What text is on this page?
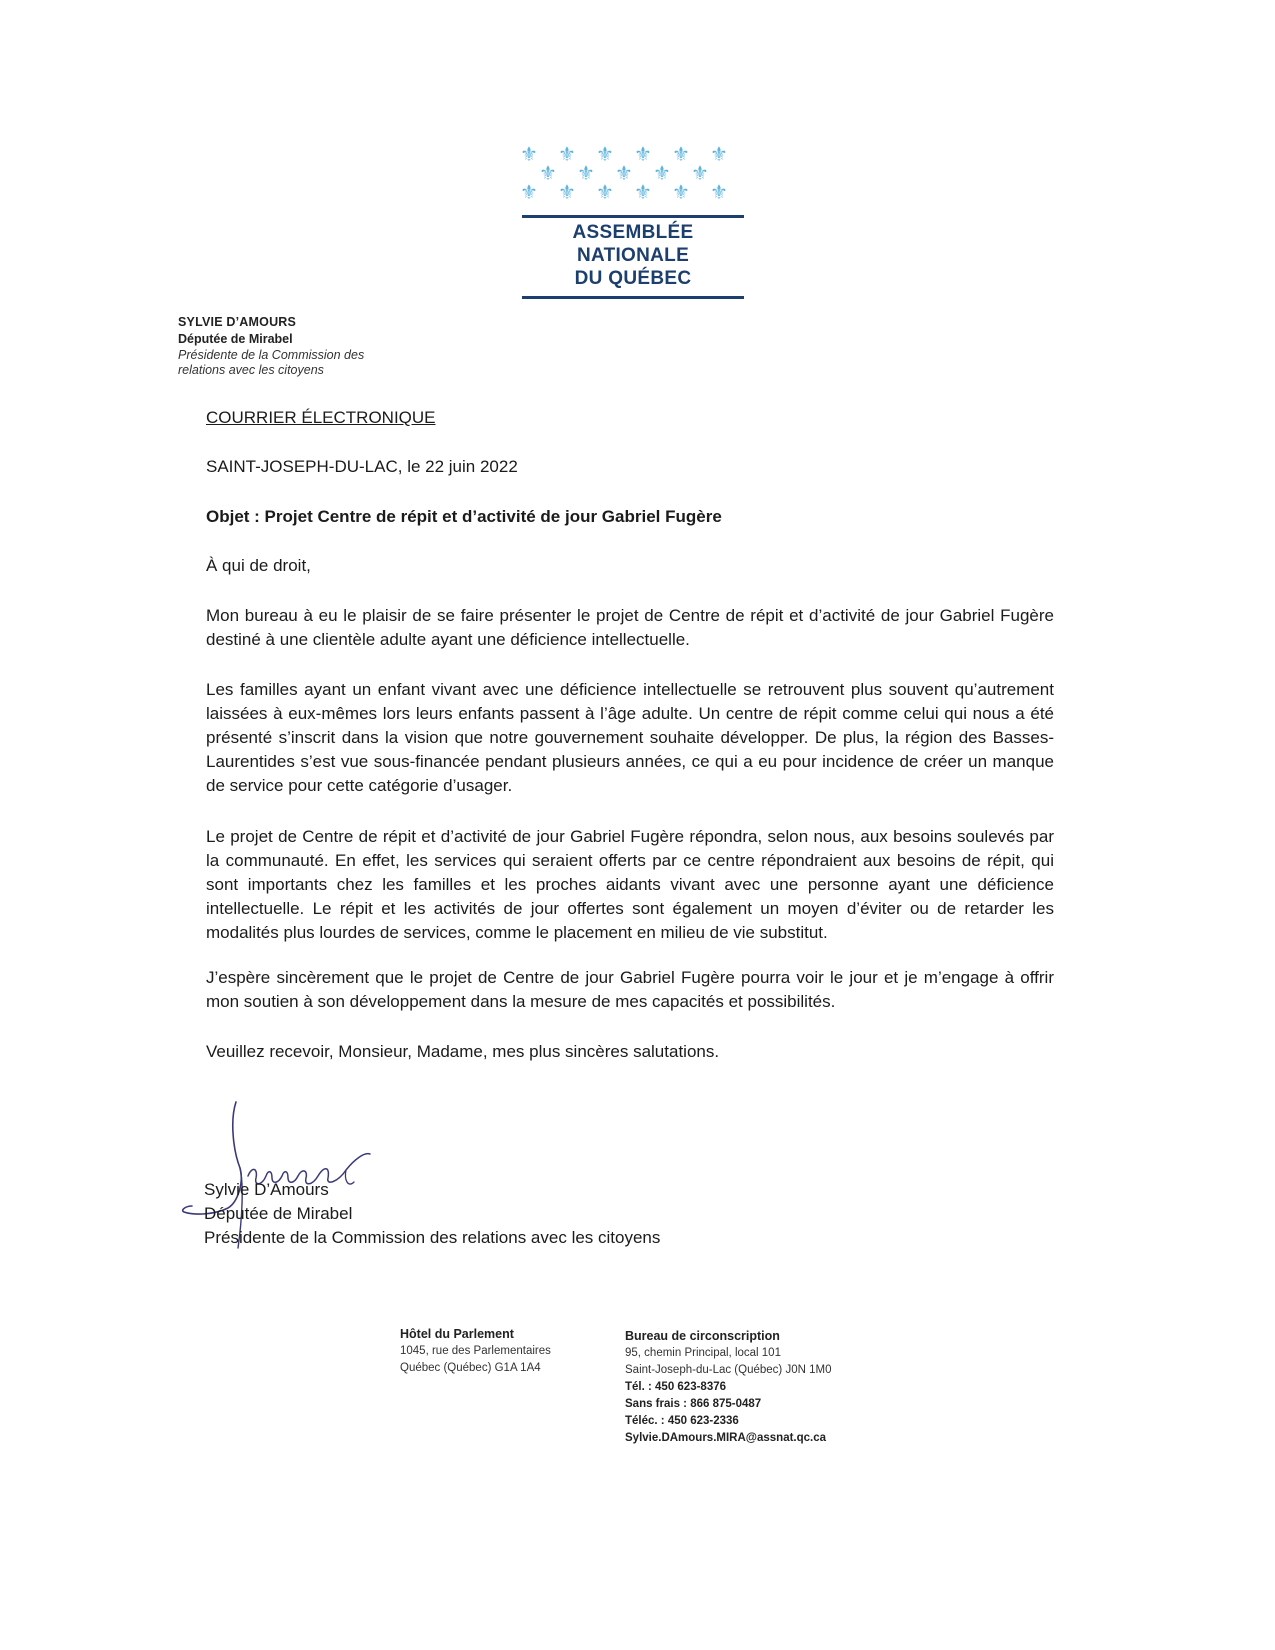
⚜ ⚜ ⚜ ⚜ ⚜ ⚜
⚜ ⚜ ⚜ ⚜ ⚜
⚜ ⚜ ⚜ ⚜ ⚜ ⚜
ASSEMBLÉE NATIONALE
DU QUÉBEC
SYLVIE D’AMOURS
Députée de Mirabel
Présidente de la Commission des relations avec les citoyens
COURRIER ÉLECTRONIQUE
SAINT-JOSEPH-DU-LAC, le 22 juin 2022
Objet : Projet Centre de répit et d’activité de jour Gabriel Fugère
À qui de droit,
Mon bureau à eu le plaisir de se faire présenter le projet de Centre de répit et d’activité de jour Gabriel Fugère destiné à une clientèle adulte ayant une déficience intellectuelle.
Les familles ayant un enfant vivant avec une déficience intellectuelle se retrouvent plus souvent qu’autrement laissées à eux-mêmes lors leurs enfants passent à l’âge adulte. Un centre de répit comme celui qui nous a été présenté s’inscrit dans la vision que notre gouvernement souhaite développer. De plus, la région des Basses-Laurentides s’est vue sous-financée pendant plusieurs années, ce qui a eu pour incidence de créer un manque de service pour cette catégorie d’usager.
Le projet de Centre de répit et d’activité de jour Gabriel Fugère répondra, selon nous, aux besoins soulevés par la communauté. En effet, les services qui seraient offerts par ce centre répondraient aux besoins de répit, qui sont importants chez les familles et les proches aidants vivant avec une personne ayant une déficience intellectuelle. Le répit et les activités de jour offertes sont également un moyen d’éviter ou de retarder les modalités plus lourdes de services, comme le placement en milieu de vie substitut.
J’espère sincèrement que le projet de Centre de jour Gabriel Fugère pourra voir le jour et je m’engage à offrir mon soutien à son développement dans la mesure de mes capacités et possibilités.
Veuillez recevoir, Monsieur, Madame, mes plus sincères salutations.
Sylvie D’Amours
Députée de Mirabel
Présidente de la Commission des relations avec les citoyens
Hôtel du Parlement
1045, rue des Parlementaires
Québec (Québec) G1A 1A4
Bureau de circonscription
95, chemin Principal, local 101
Saint-Joseph-du-Lac (Québec) J0N 1M0
Tél. : 450 623-8376
Sans frais : 866 875-0487
Téléc. : 450 623-2336
Sylvie.DAmours.MIRA@assnat.qc.ca
